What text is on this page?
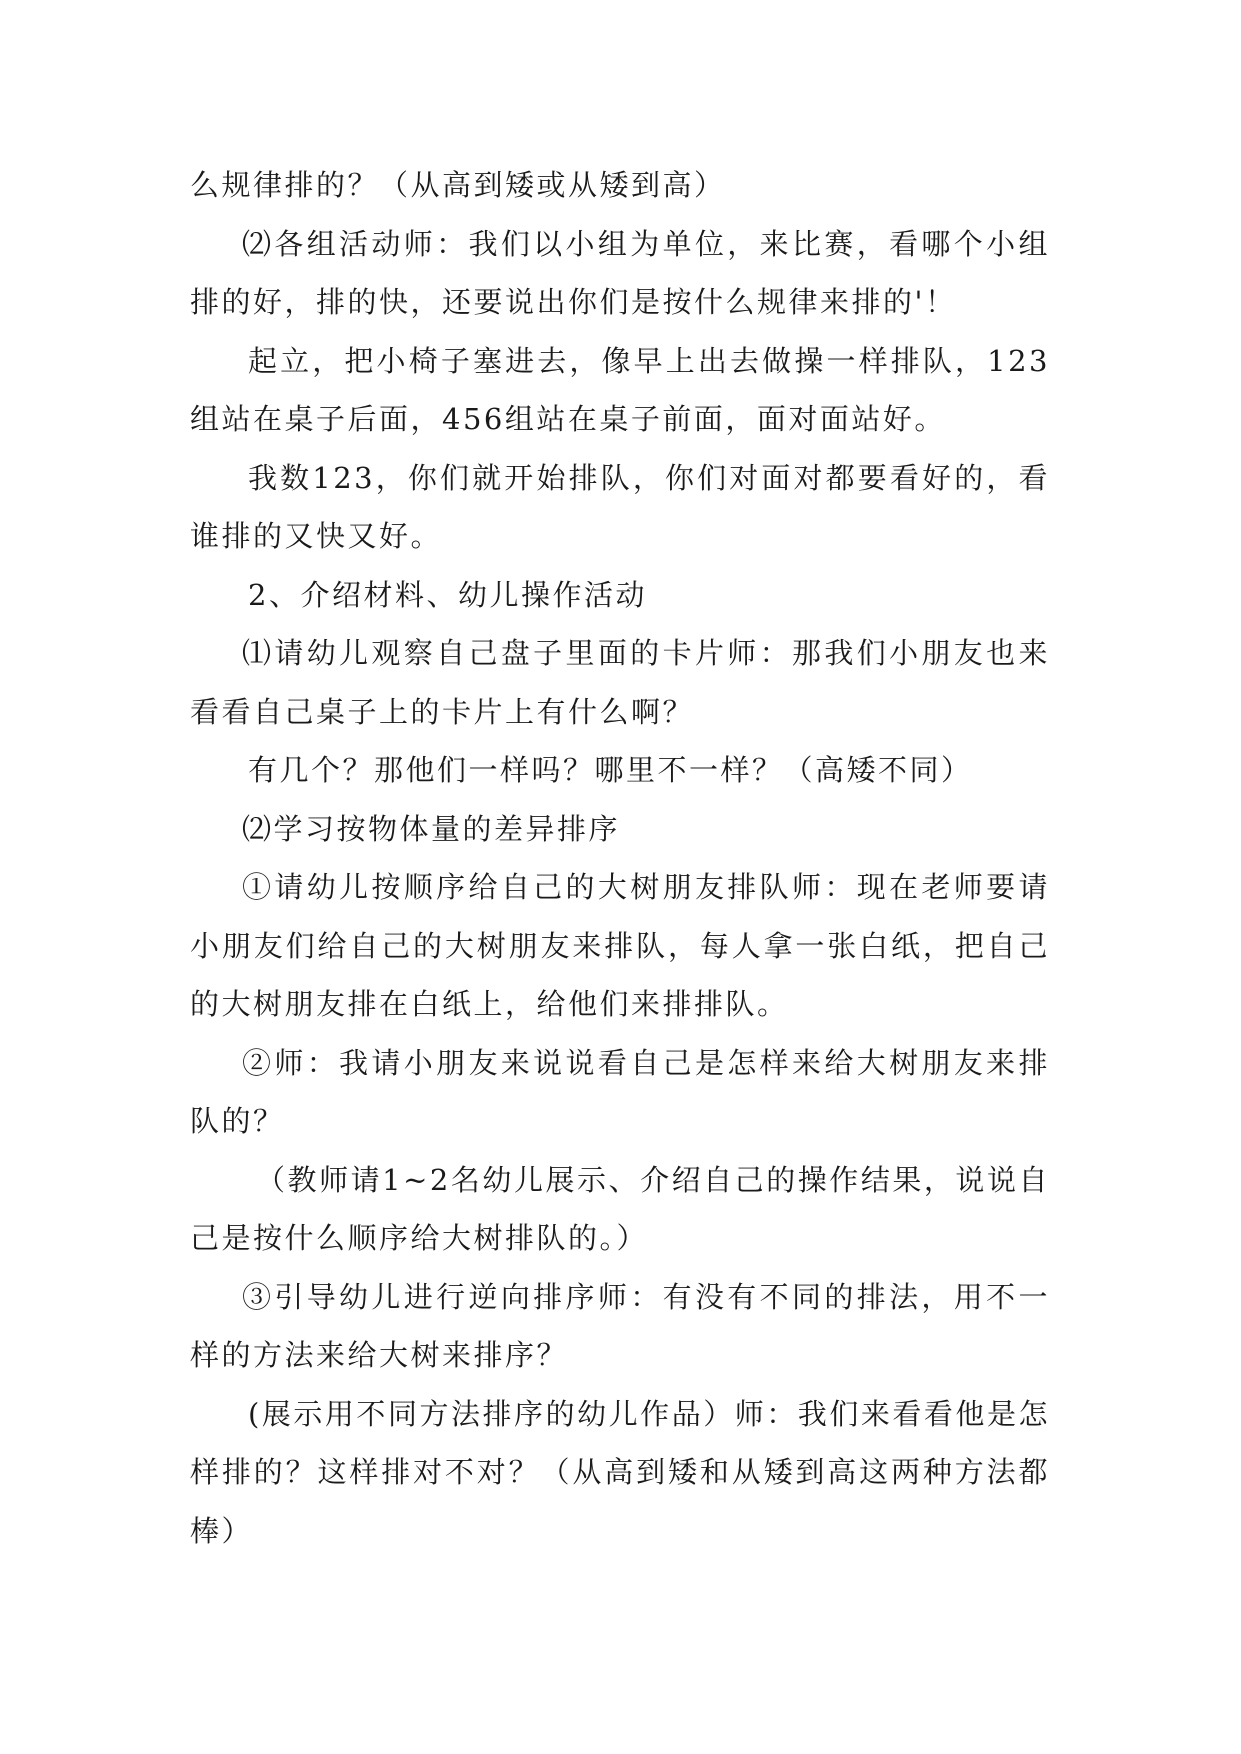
么规律排的？（从高到矮或从矮到高）

⑵各组活动师：我们以小组为单位，来比赛，看哪个小组排的好，排的快，还要说出你们是按什么规律来排的'！

起立，把小椅子塞进去，像早上出去做操一样排队，123组站在桌子后面，456组站在桌子前面，面对面站好。

我数123，你们就开始排队，你们对面对都要看好的，看谁排的又快又好。

2、介绍材料、幼儿操作活动

⑴请幼儿观察自己盘子里面的卡片师：那我们小朋友也来看看自己桌子上的卡片上有什么啊？

有几个？那他们一样吗？哪里不一样？（高矮不同）

⑵学习按物体量的差异排序

①请幼儿按顺序给自己的大树朋友排队师：现在老师要请小朋友们给自己的大树朋友来排队，每人拿一张白纸，把自己的大树朋友排在白纸上，给他们来排排队。

②师：我请小朋友来说说看自己是怎样来给大树朋友来排队的？

（教师请1~2名幼儿展示、介绍自己的操作结果，说说自己是按什么顺序给大树排队的。）

③引导幼儿进行逆向排序师：有没有不同的排法，用不一样的方法来给大树来排序？

(展示用不同方法排序的幼儿作品）师：我们来看看他是怎样排的？这样排对不对？（从高到矮和从矮到高这两种方法都棒）
